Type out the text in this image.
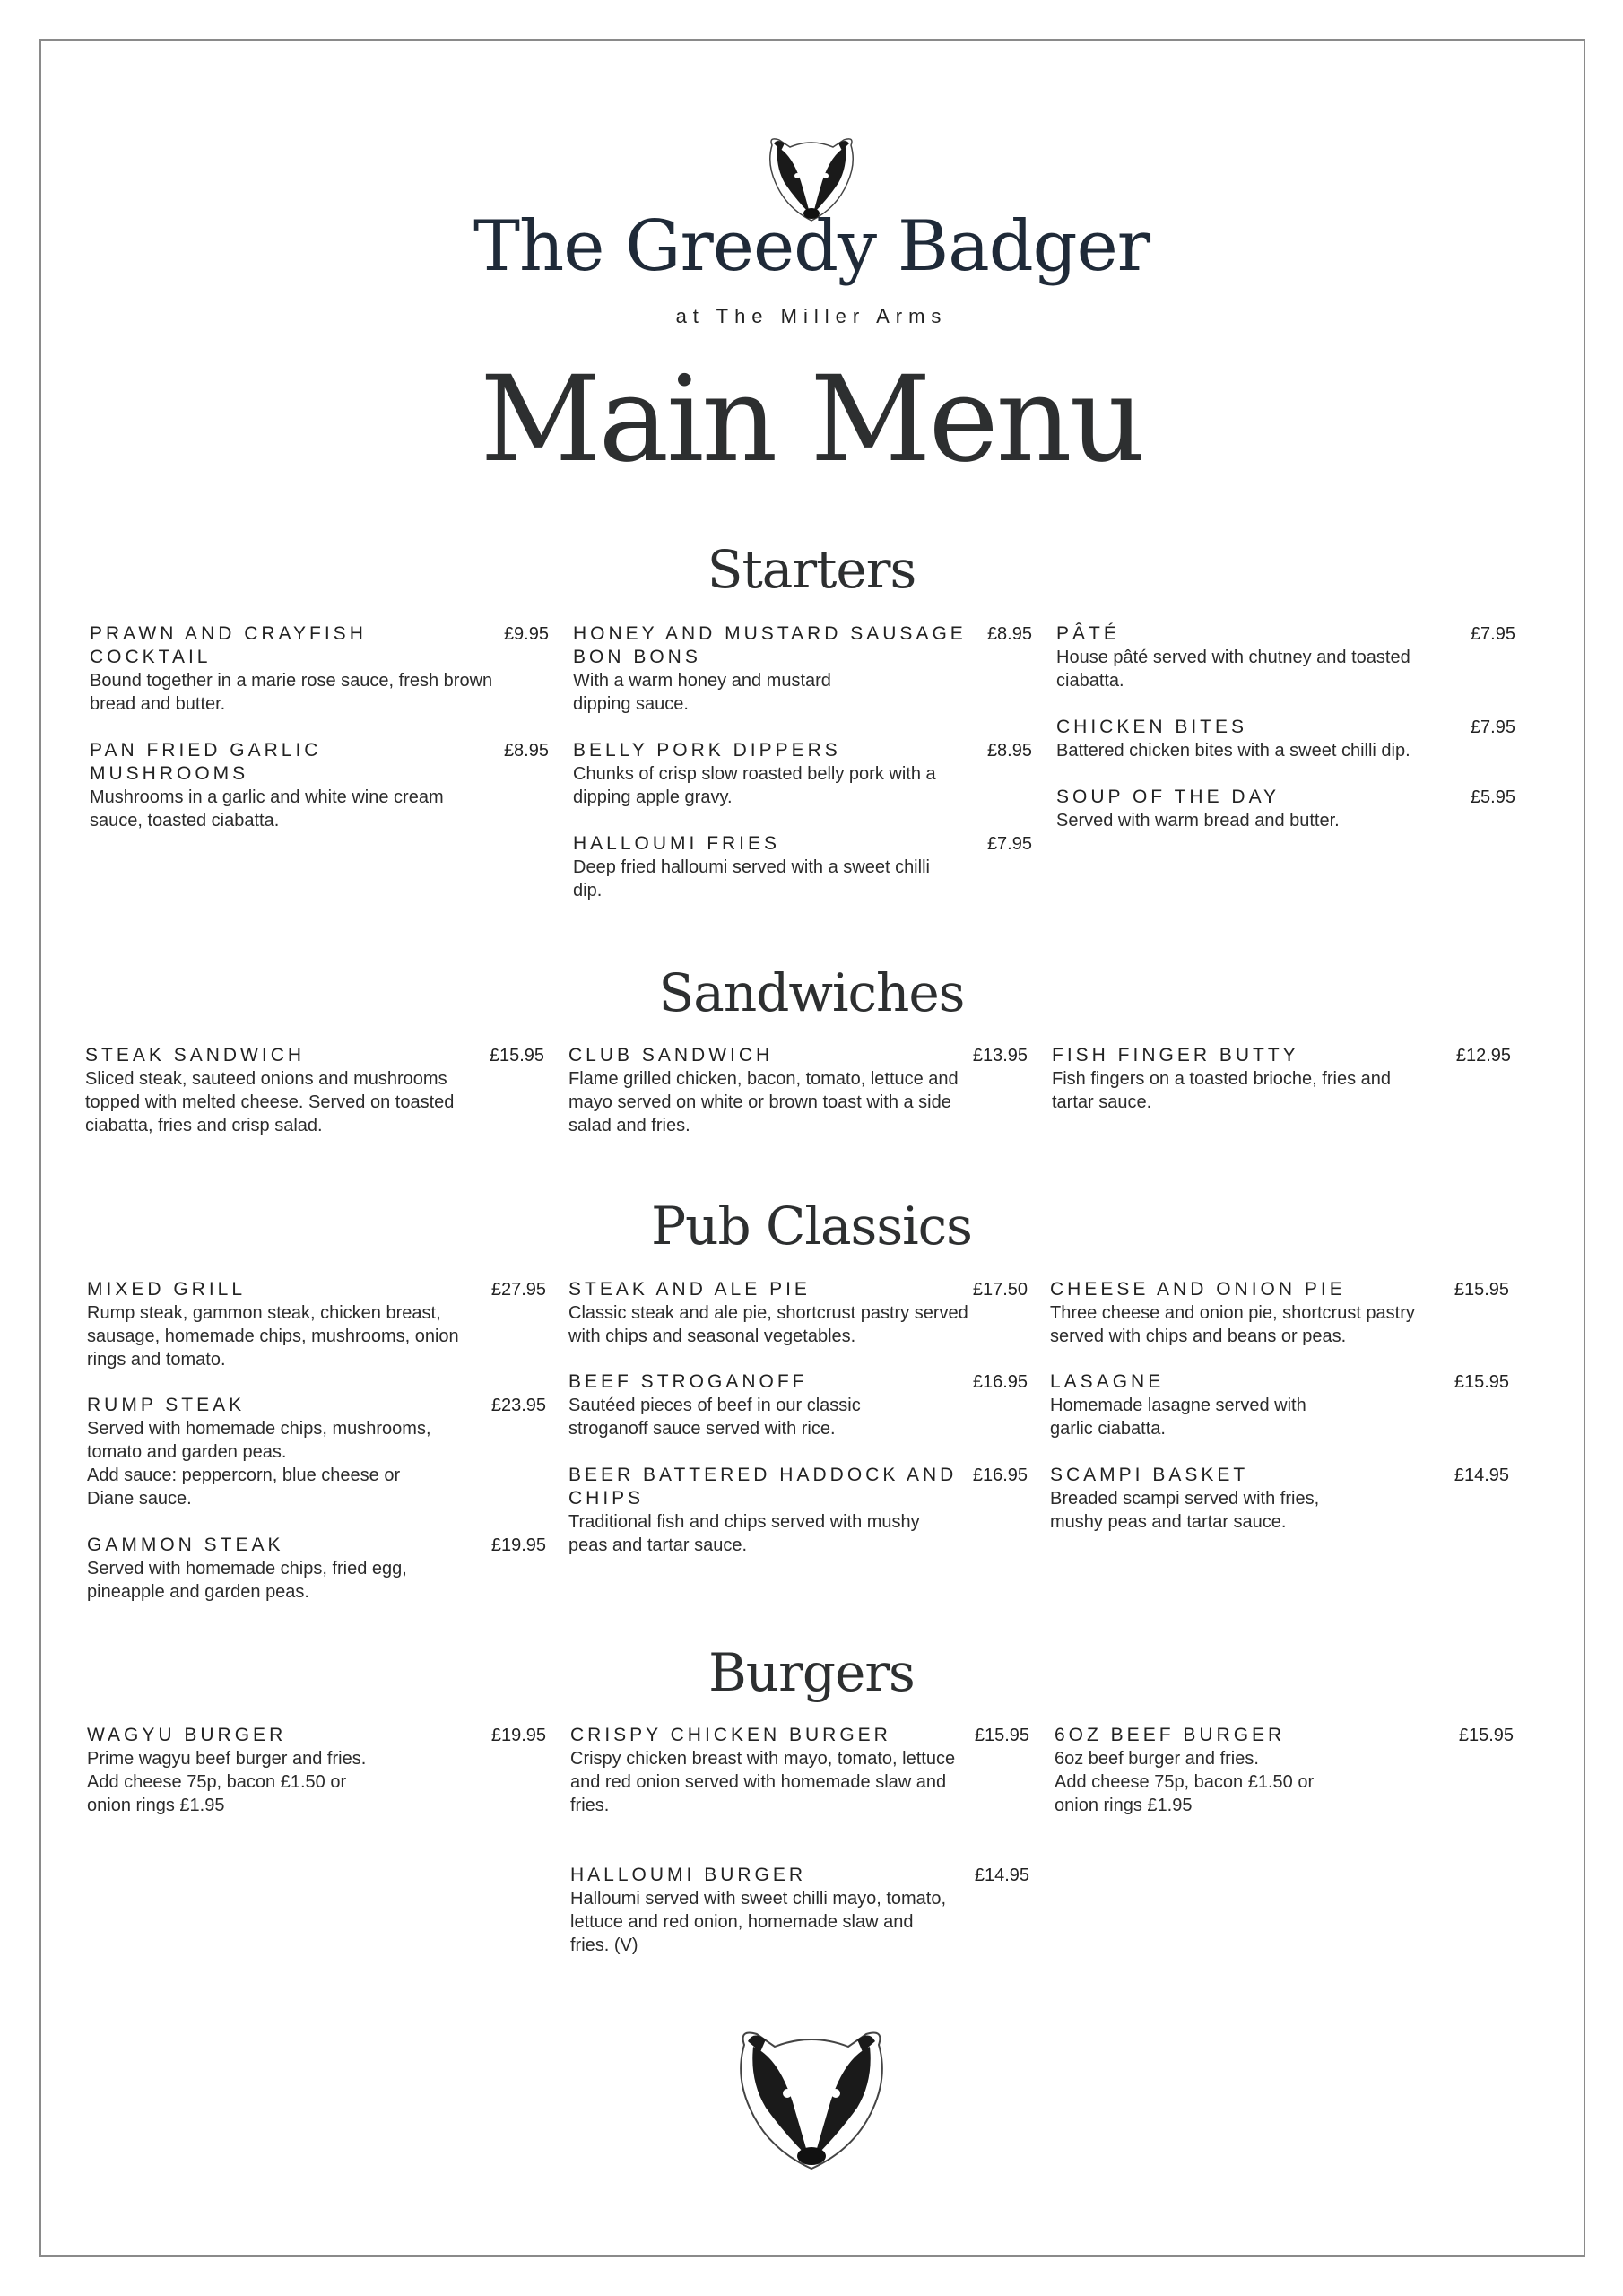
The Greedy Badger
at The Miller Arms
Main Menu
Starters
PRAWN AND CRAYFISH COCKTAIL
£9.95
Bound together in a marie rose sauce, fresh brown bread and butter.
PAN FRIED GARLIC MUSHROOMS
£8.95
Mushrooms in a garlic and white wine cream sauce, toasted ciabatta.
HONEY AND MUSTARD SAUSAGE BON BONS
£8.95
With a warm honey and mustard dipping sauce.
BELLY PORK DIPPERS	£8.95
Chunks of crisp slow roasted belly pork with a dipping apple gravy.
HALLOUMI FRIES	£7.95
Deep fried halloumi served with a sweet chilli dip.
PÂTÉ	£7.95
House pâté served with chutney and toasted ciabatta.
CHICKEN BITES	£7.95
Battered chicken bites with a sweet chilli dip.
SOUP OF THE DAY	£5.95
Served with warm bread and butter.
Sandwiches
STEAK SANDWICH	£15.95
Sliced steak, sauteed onions and mushrooms topped with melted cheese. Served on toasted ciabatta, fries and crisp salad.
CLUB SANDWICH	£13.95
Flame grilled chicken, bacon, tomato, lettuce and mayo served on white or brown toast with a side salad and fries.
FISH FINGER BUTTY	£12.95
Fish fingers on a toasted brioche, fries and tartar sauce.
Pub Classics
MIXED GRILL	£27.95
Rump steak, gammon steak, chicken breast, sausage, homemade chips, mushrooms, onion rings and tomato.
RUMP STEAK	£23.95
Served with homemade chips, mushrooms, tomato and garden peas.
Add sauce: peppercorn, blue cheese or Diane sauce.
GAMMON STEAK	£19.95
Served with homemade chips, fried egg, pineapple and garden peas.
STEAK AND ALE PIE	£17.50
Classic steak and ale pie, shortcrust pastry served with chips and seasonal vegetables.
BEEF STROGANOFF	£16.95
Sautéed pieces of beef in our classic stroganoff sauce served with rice.
BEER BATTERED HADDOCK AND CHIPS
£16.95
Traditional fish and chips served with mushy peas and tartar sauce.
CHEESE AND ONION PIE	£15.95
Three cheese and onion pie, shortcrust pastry served with chips and beans or peas.
LASAGNE	£15.95
Homemade lasagne served with garlic ciabatta.
SCAMPI BASKET	£14.95
Breaded scampi served with fries, mushy peas and tartar sauce.
Burgers
WAGYU BURGER	£19.95
Prime wagyu beef burger and fries.
Add cheese 75p, bacon £1.50 or onion rings £1.95
CRISPY CHICKEN BURGER	£15.95
Crispy chicken breast with mayo, tomato, lettuce and red onion served with homemade slaw and fries.
HALLOUMI BURGER	£14.95
Halloumi served with sweet chilli mayo, tomato, lettuce and red onion, homemade slaw and fries. (V)
6OZ BEEF BURGER	£15.95
6oz beef burger and fries.
Add cheese 75p, bacon £1.50 or onion rings £1.95
